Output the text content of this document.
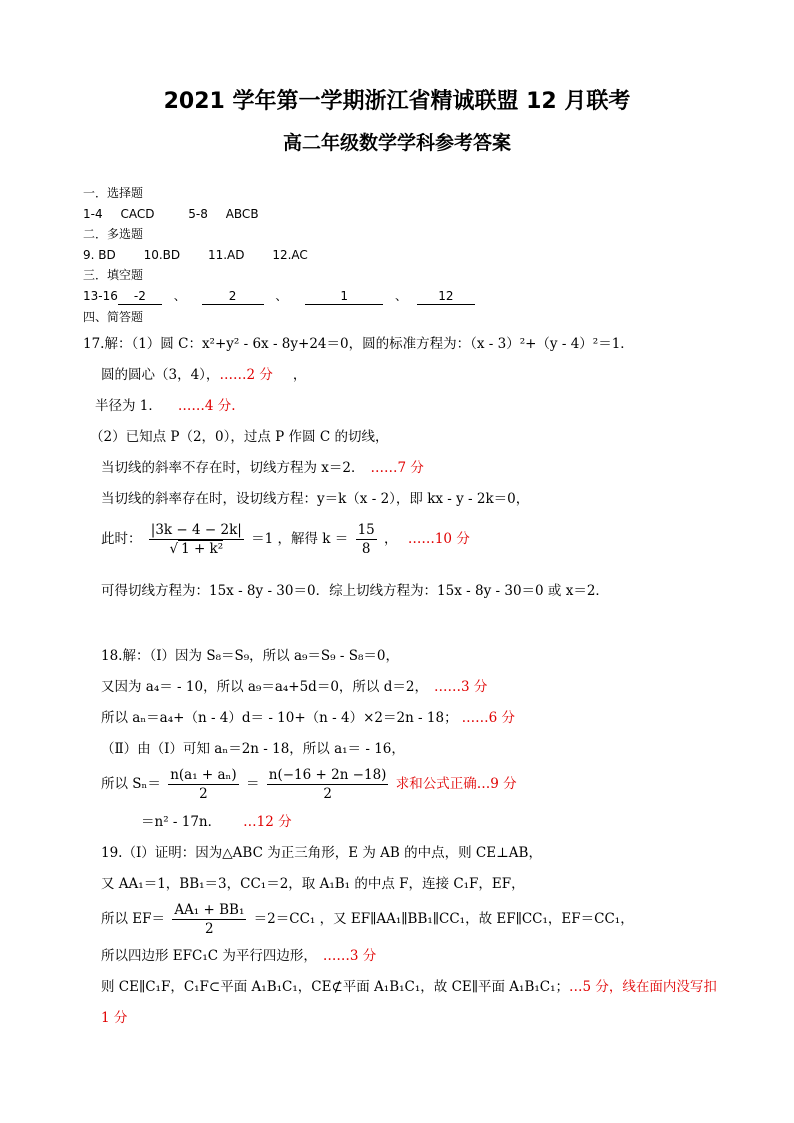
2021 学年第一学期浙江省精诚联盟 12 月联考
高二年级数学学科参考答案
一．选择题
1-4 CACD	5-8 ABCB
二．多选题
9. BD 10.BD 11.AD 12.AC
三．填空题
13-16 -2 、	2	、	1	、	12
四、简答题
17.解：（1）圆 C：x²+y² - 6x - 8y+24＝0，圆的标准方程为：（x - 3）²+（y - 4）²＝1．
圆的圆心（3，4），……2 分 ，
半径为 1． ……4 分.
（2）已知点 P（2，0），过点 P 作圆 C 的切线，
当切线的斜率不存在时，切线方程为 x＝2． ……7 分
当切线的斜率存在时，设切线方程：y＝k（x - 2），即 kx - y - 2k＝0，
此时： $\frac{|3k - 4 - 2k|}{\text{√ 1 + k²}} =1$ ，解得 $k = \frac{15}{8}$ ， ……10 分
可得切线方程为：15x - 8y - 30＝0．综上切线方程为：15x - 8y - 30＝0 或 x＝2．
18.解：（Ⅰ）因为 S₈＝S₉，所以 a₉＝S₉ - S₈＝0，
又因为 a₄＝ - 10，所以 a₉＝a₄+5d＝0，所以 d＝2， ……3 分
所以 aₙ＝a₄+（n - 4）d＝ - 10+（n - 4）×2＝2n - 18； ……6 分
（Ⅱ）由（Ⅰ）可知 aₙ＝2n - 18，所以 a₁＝ - 16，
所以 $S_n= \frac{\text{n(a₁ + aₙ)}}{2} = \frac{n(-16 + 2n -18)}{2}$ 求和公式正确…9 分
＝n² - 17n． …12 分
19.（Ⅰ）证明：因为△ABC 为正三角形，E 为 AB 的中点，则 CE⊥AB，
又 AA₁＝1，BB₁＝3，CC₁＝2，取 A₁B₁ 的中点 F，连接 C₁F，EF，
所以 $EF= \frac{\text{AA₁ + BB₁}}{2} =2=CC_1$ ，又 EF∥AA₁∥BB₁∥CC₁，故 EF∥CC₁，EF＝CC₁，
所以四边形 EFC₁C 为平行四边形， ……3 分
则 CE∥C₁F，C₁F⊂平面 A₁B₁C₁，CE⊄平面 A₁B₁C₁，故 CE∥平面 A₁B₁C₁；…5 分，线在面内没写扣
1 分
